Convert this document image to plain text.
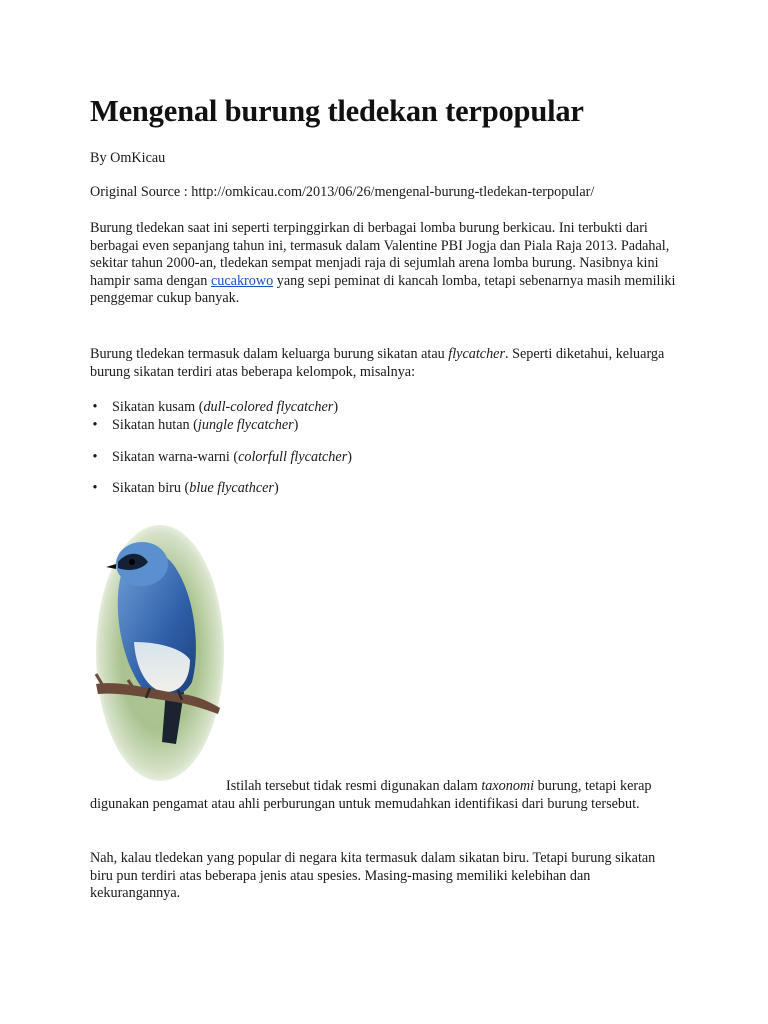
Mengenal burung tledekan terpopular

By OmKicau

Original Source : http://omkicau.com/2013/06/26/mengenal-burung-tledekan-terpopular/

Burung tledekan saat ini seperti terpinggirkan di berbagai lomba burung berkicau. Ini terbukti dari berbagai even sepanjang tahun ini, termasuk dalam Valentine PBI Jogja dan Piala Raja 2013. Padahal, sekitar tahun 2000-an, tledekan sempat menjadi raja di sejumlah arena lomba burung. Nasibnya kini hampir sama dengan cucakrowo yang sepi peminat di kancah lomba, tetapi sebenarnya masih memiliki penggemar cukup banyak.

Burung tledekan termasuk dalam keluarga burung sikatan atau flycatcher. Seperti diketahui, keluarga burung sikatan terdiri atas beberapa kelompok, misalnya:

• Sikatan kusam (dull-colored flycatcher)
• Sikatan hutan (jungle flycatcher)
• Sikatan warna-warni (colorfull flycatcher)
• Sikatan biru (blue flycathcer)

Istilah tersebut tidak resmi digunakan dalam taxonomi burung, tetapi kerap digunakan pengamat atau ahli perburungan untuk memudahkan identifikasi dari burung tersebut.

Nah, kalau tledekan yang popular di negara kita termasuk dalam sikatan biru. Tetapi burung sikatan biru pun terdiri atas beberapa jenis atau spesies. Masing-masing memiliki kelebihan dan kekurangannya.
